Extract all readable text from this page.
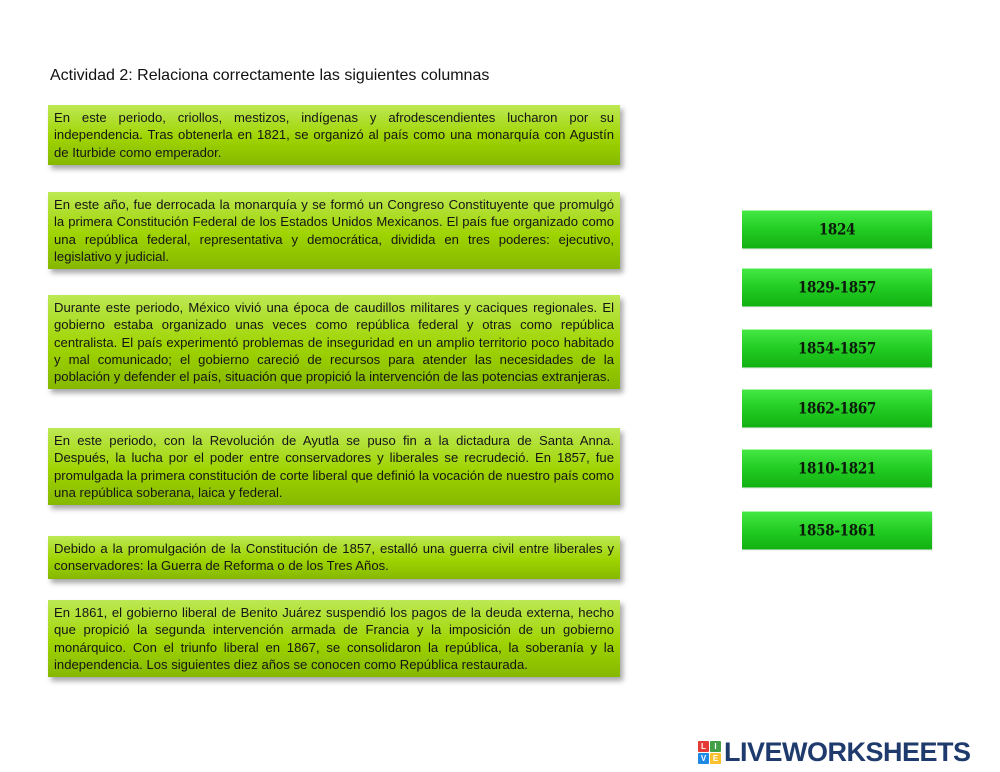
Actividad 2: Relaciona correctamente las siguientes columnas
En este periodo, criollos, mestizos, indígenas y afrodescendientes lucharon por su independencia. Tras obtenerla en 1821, se organizó al país como una monarquía con Agustín de Iturbide como emperador.
En este año, fue derrocada la monarquía y se formó un Congreso Constituyente que promulgó la primera Constitución Federal de los Estados Unidos Mexicanos. El país fue organizado como una república federal, representativa y democrática, dividida en tres poderes: ejecutivo, legislativo y judicial.
Durante este periodo, México vivió una época de caudillos militares y caciques regionales. El gobierno estaba organizado unas veces como república federal y otras como república centralista. El país experimentó problemas de inseguridad en un amplio territorio poco habitado y mal comunicado; el gobierno careció de recursos para atender las necesidades de la población y defender el país, situación que propició la intervención de las potencias extranjeras.
En este periodo, con la Revolución de Ayutla se puso fin a la dictadura de Santa Anna. Después, la lucha por el poder entre conservadores y liberales se recrudeció. En 1857, fue promulgada la primera constitución de corte liberal que definió la vocación de nuestro país como una república soberana, laica y federal.
Debido a la promulgación de la Constitución de 1857, estalló una guerra civil entre liberales y conservadores: la Guerra de Reforma o de los Tres Años.
En 1861, el gobierno liberal de Benito Juárez suspendió los pagos de la deuda externa, hecho que propició la segunda intervención armada de Francia y la imposición de un gobierno monárquico. Con el triunfo liberal en 1867, se consolidaron la república, la soberanía y la independencia. Los siguientes diez años se conocen como República restaurada.
1824
1829-1857
1854-1857
1862-1867
1810-1821
1858-1861
L	I
V E LIVEWORKSHEETS
